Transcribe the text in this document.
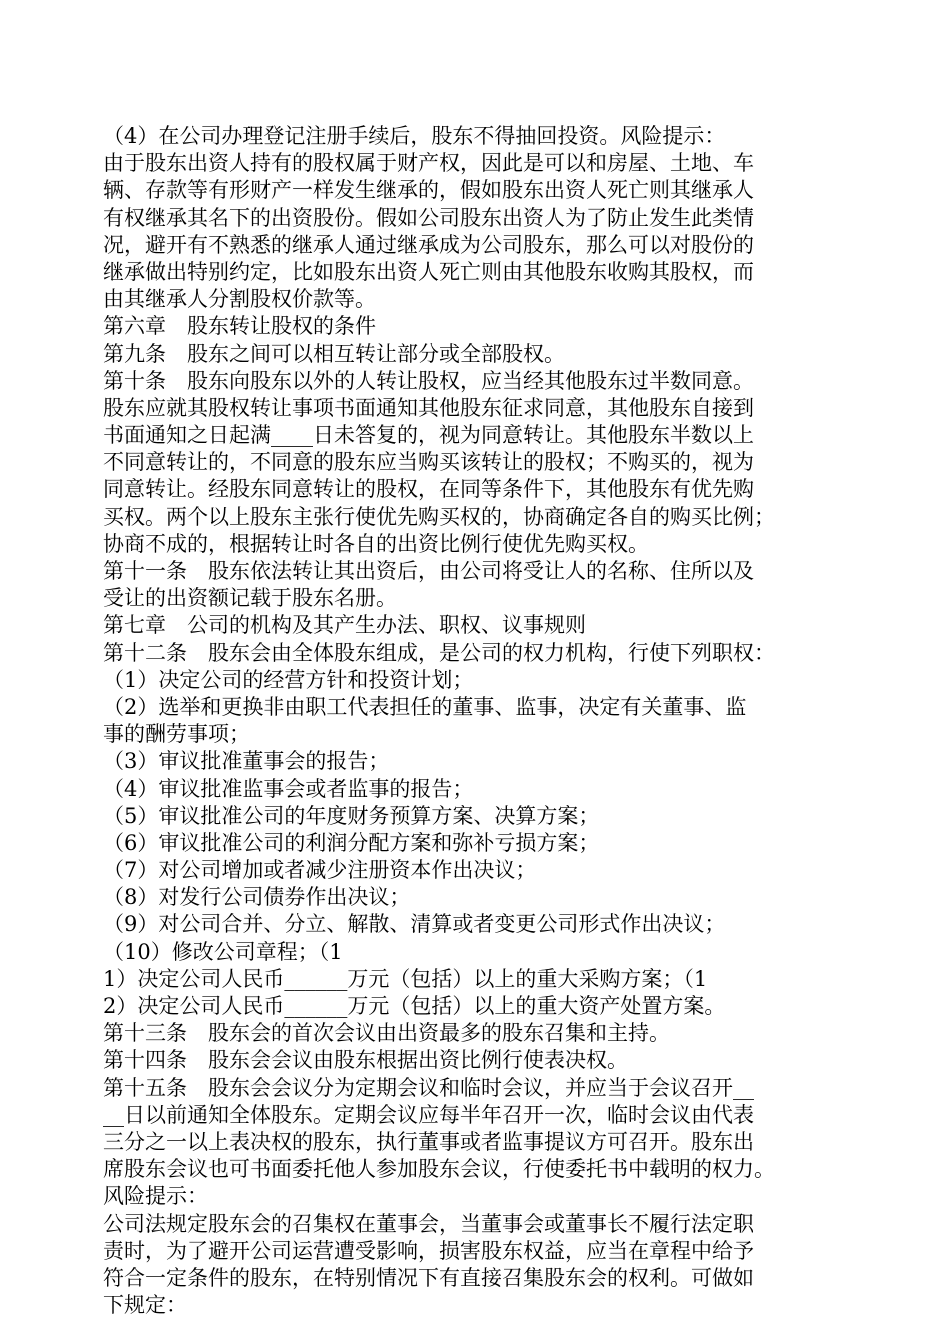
（4）在公司办理登记注册手续后，股东不得抽回投资。风险提示：
由于股东出资人持有的股权属于财产权，因此是可以和房屋、土地、车
辆、存款等有形财产一样发生继承的，假如股东出资人死亡则其继承人
有权继承其名下的出资股份。假如公司股东出资人为了防止发生此类情
况，避开有不熟悉的继承人通过继承成为公司股东，那么可以对股份的
继承做出特别约定，比如股东出资人死亡则由其他股东收购其股权，而
由其继承人分割股权价款等。
第六章　股东转让股权的条件
第九条　股东之间可以相互转让部分或全部股权。
第十条　股东向股东以外的人转让股权，应当经其他股东过半数同意。
股东应就其股权转让事项书面通知其他股东征求同意，其他股东自接到
书面通知之日起满____日未答复的，视为同意转让。其他股东半数以上
不同意转让的，不同意的股东应当购买该转让的股权；不购买的，视为
同意转让。经股东同意转让的股权，在同等条件下，其他股东有优先购
买权。两个以上股东主张行使优先购买权的，协商确定各自的购买比例；
协商不成的，根据转让时各自的出资比例行使优先购买权。
第十一条　股东依法转让其出资后，由公司将受让人的名称、住所以及
受让的出资额记载于股东名册。
第七章　公司的机构及其产生办法、职权、议事规则
第十二条　股东会由全体股东组成，是公司的权力机构，行使下列职权：
（1）决定公司的经营方针和投资计划；
（2）选举和更换非由职工代表担任的董事、监事，决定有关董事、监
事的酬劳事项；
（3）审议批准董事会的报告；
（4）审议批准监事会或者监事的报告；
（5）审议批准公司的年度财务预算方案、决算方案；
（6）审议批准公司的利润分配方案和弥补亏损方案；
（7）对公司增加或者减少注册资本作出决议；
（8）对发行公司债券作出决议；
（9）对公司合并、分立、解散、清算或者变更公司形式作出决议；
（10）修改公司章程；（1
1）决定公司人民币______万元（包括）以上的重大采购方案；（1
2）决定公司人民币______万元（包括）以上的重大资产处置方案。
第十三条　股东会的首次会议由出资最多的股东召集和主持。
第十四条　股东会会议由股东根据出资比例行使表决权。
第十五条　股东会会议分为定期会议和临时会议，并应当于会议召开__
__日以前通知全体股东。定期会议应每半年召开一次，临时会议由代表
三分之一以上表决权的股东，执行董事或者监事提议方可召开。股东出
席股东会议也可书面委托他人参加股东会议，行使委托书中载明的权力。
风险提示：
公司法规定股东会的召集权在董事会，当董事会或董事长不履行法定职
责时，为了避开公司运营遭受影响，损害股东权益，应当在章程中给予
符合一定条件的股东，在特别情况下有直接召集股东会的权利。可做如
下规定：
